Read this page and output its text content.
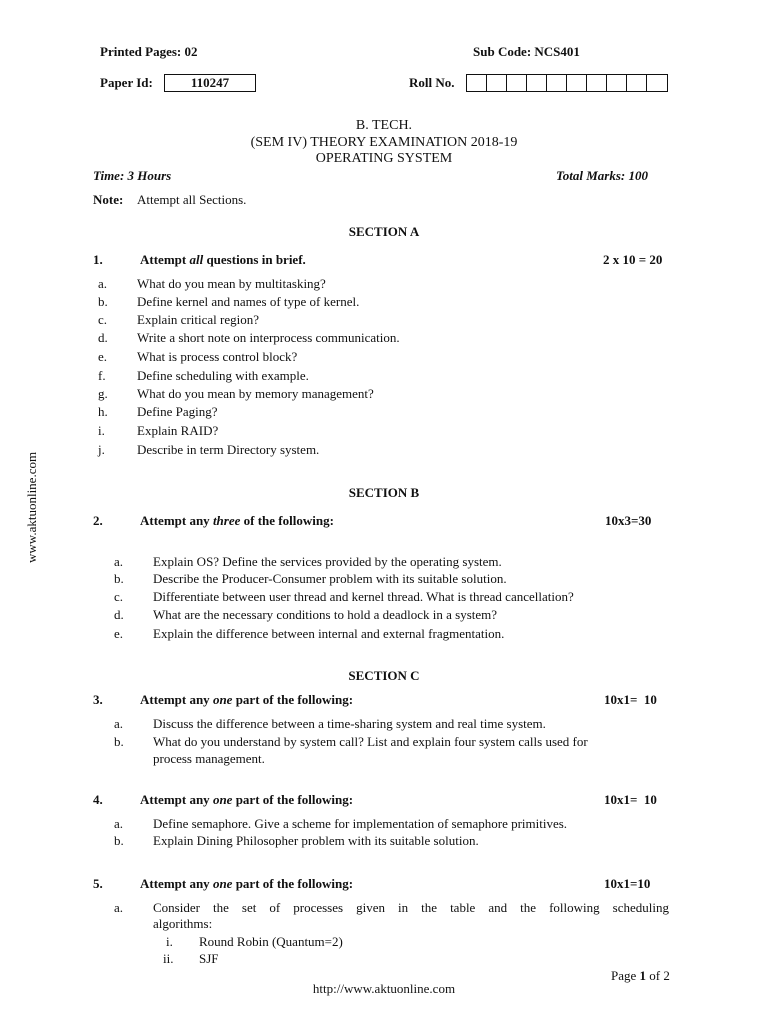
Printed Pages: 02	Sub Code: NCS401
Paper Id:	110247	Roll No.
B. TECH.
(SEM IV) THEORY EXAMINATION 2018-19
OPERATING SYSTEM
Time: 3 Hours	Total Marks: 100
Note: Attempt all Sections.
SECTION A
1.	Attempt all questions in brief.	2 x 10 = 20
a. What do you mean by multitasking?
b. Define kernel and names of type of kernel.
c. Explain critical region?
d. Write a short note on interprocess communication.
e. What is process control block?
f. Define scheduling with example.
g. What do you mean by memory management?
h. Define Paging?
i. Explain RAID?
j. Describe in term Directory system.
SECTION B
2.	Attempt any three of the following:	10x3=30
a. Explain OS? Define the services provided by the operating system.
b. Describe the Producer-Consumer problem with its suitable solution.
c. Differentiate between user thread and kernel thread. What is thread cancellation?
d. What are the necessary conditions to hold a deadlock in a system?
e. Explain the difference between internal and external fragmentation.
SECTION C
3.	Attempt any one part of the following:	10x1=  10
a. Discuss the difference between a time-sharing system and real time system.
b. What do you understand by system call? List and explain four system calls used for
process management.
4.	Attempt any one part of the following:	10x1=  10
a. Define semaphore. Give a scheme for implementation of semaphore primitives.
b. Explain Dining Philosopher problem with its suitable solution.
5.	Attempt any one part of the following:	10x1=10
a. Consider the set of processes given in the table and the following scheduling
algorithms:
i. Round Robin (Quantum=2)
ii. SJF
Page 1 of 2
http://www.aktuonline.com
www.aktuonline.com
